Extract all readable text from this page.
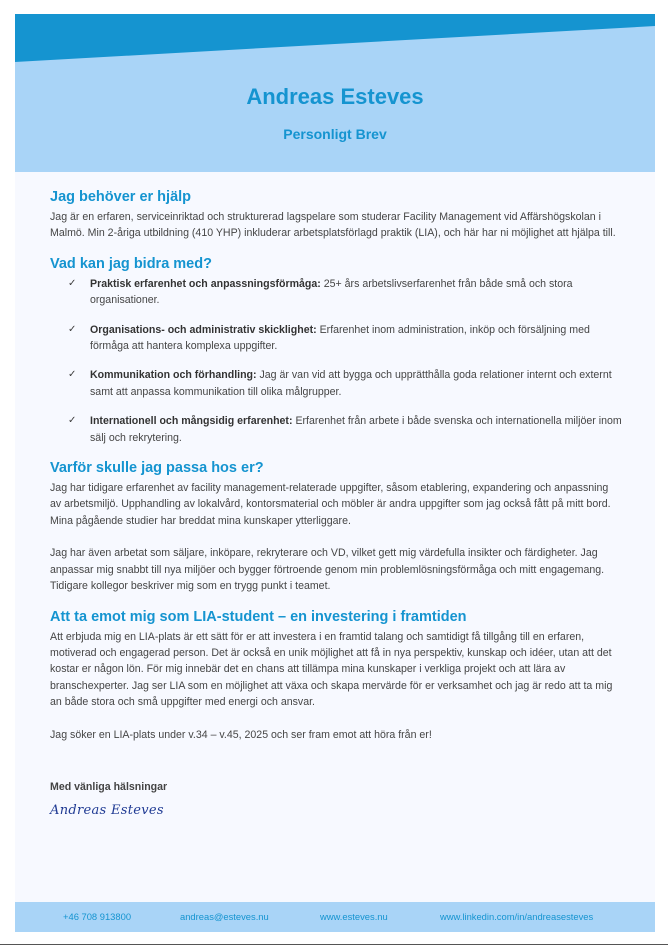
Andreas Esteves
Personligt Brev
Jag behöver er hjälp

Jag är en erfaren, serviceinriktad och strukturerad lagspelare som studerar Facility Management vid Affärshögskolan i Malmö. Min 2-åriga utbildning (410 YHP) inkluderar arbetsplatsförlagd praktik (LIA), och här har ni möjlighet att hjälpa till.

Vad kan jag bidra med?
✓ Praktisk erfarenhet och anpassningsförmåga: 25+ års arbetslivserfarenhet från både små och stora organisationer.
✓ Organisations- och administrativ skicklighet: Erfarenhet inom administration, inköp och försäljning med förmåga att hantera komplexa uppgifter.
✓ Kommunikation och förhandling: Jag är van vid att bygga och upprätthålla goda relationer internt och externt samt att anpassa kommunikation till olika målgrupper.
✓ Internationell och mångsidig erfarenhet: Erfarenhet från arbete i både svenska och internationella miljöer inom sälj och rekrytering.
Varför skulle jag passa hos er?

Jag har tidigare erfarenhet av facility management-relaterade uppgifter, såsom etablering, expandering och anpassning av arbetsmiljö. Upphandling av lokalvård, kontorsmaterial och möbler är andra uppgifter som jag också fått på mitt bord. Mina pågående studier har breddat mina kunskaper ytterliggare.

Jag har även arbetat som säljare, inköpare, rekryterare och VD, vilket gett mig värdefulla insikter och färdigheter. Jag anpassar mig snabbt till nya miljöer och bygger förtroende genom min problemlösningsförmåga och mitt engagemang. Tidigare kollegor beskriver mig som en trygg punkt i teamet.

Att ta emot mig som LIA-student – en investering i framtiden

Att erbjuda mig en LIA-plats är ett sätt för er att investera i en framtid talang och samtidigt få tillgång till en erfaren, motiverad och engagerad person. Det är också en unik möjlighet att få in nya perspektiv, kunskap och idéer, utan att det kostar er någon lön. För mig innebär det en chans att tillämpa mina kunskaper i verkliga projekt och att lära av branschexperter. Jag ser LIA som en möjlighet att växa och skapa mervärde för er verksamhet och jag är redo att ta mig an både stora och små uppgifter med energi och ansvar.

Jag söker en LIA-plats under v.34 – v.45, 2025 och ser fram emot att höra från er!

Med vänliga hälsningar
Andreas Esteves
+46 708 913800	andreas@esteves.nu	www.esteves.nu	www.linkedin.com/in/andreasesteves
